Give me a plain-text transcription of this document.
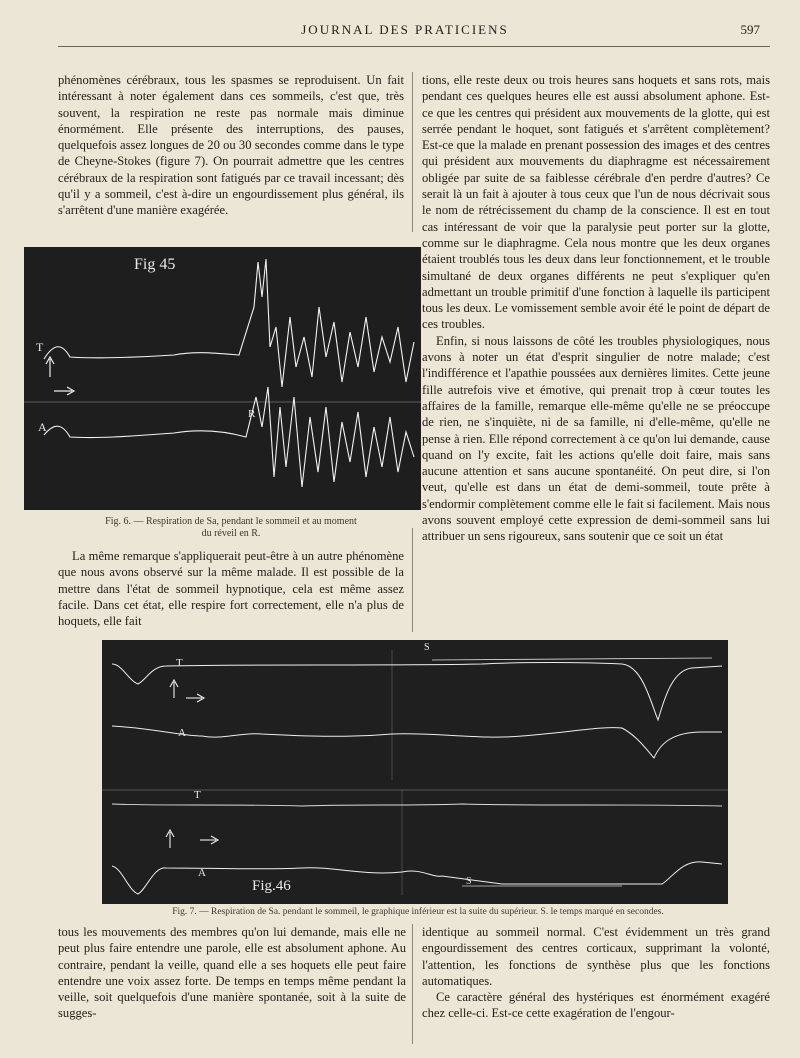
JOURNAL DES PRATICIENS	597

phénomènes cérébraux, tous les spasmes se reproduisent. Un fait intéressant à noter également dans ces sommeils, c'est que, très souvent, la respiration ne reste pas normale mais diminue énormément. Elle présente des interruptions, des pauses, quelquefois assez longues de 20 ou 30 secondes comme dans le type de Cheyne-Stokes (figure 7). On pourrait admettre que les centres cérébraux de la respiration sont fatigués par ce travail incessant; dès qu'il y a sommeil, c'est à-dire un engourdissement plus général, ils s'arrêtent d'une manière exagérée.

Fig 45
T
A
R
Fig. 6. — Respiration de Sa, pendant le sommeil et au moment
du réveil en R.

La même remarque s'appliquerait peut-être à un autre phénomène que nous avons observé sur la même malade. Il est possible de la mettre dans l'état de sommeil hypnotique, cela est même assez facile. Dans cet état, elle respire fort correctement, elle n'a plus de hoquets, elle fait

tions, elle reste deux ou trois heures sans hoquets et sans rots, mais pendant ces quelques heures elle est aussi absolument aphone. Est-ce que les centres qui président aux mouvements de la glotte, qui est serrée pendant le hoquet, sont fatigués et s'arrêtent complètement? Est-ce que la malade en prenant possession des images et des centres qui président aux mouvements du diaphragme est nécessairement obligée par suite de sa faiblesse cérébrale d'en perdre d'autres? Ce serait là un fait à ajouter à tous ceux que l'un de nous décrivait sous le nom de rétrécissement du champ de la conscience. Il est en tout cas intéressant de voir que la paralysie peut porter sur la glotte, comme sur le diaphragme. Cela nous montre que les deux organes étaient troublés tous les deux dans leur fonctionnement, et le trouble simultané de deux organes différents ne peut s'expliquer qu'en admettant un trouble primitif d'une fonction à laquelle ils participent tous les deux. Le vomissement semble avoir été le point de départ de ces troubles.

Enfin, si nous laissons de côté les troubles physiologiques, nous avons à noter un état d'esprit singulier de notre malade; c'est l'indifférence et l'apathie poussées aux dernières limites. Cette jeune fille autrefois vive et émotive, qui prenait trop à cœur toutes les affaires de la famille, remarque elle-même qu'elle ne se préoccupe de rien, ne s'inquiète, ni de sa famille, ni d'elle-même, qu'elle ne pense à rien. Elle répond correctement à ce qu'on lui demande, cause quand on l'y excite, fait les actions qu'elle doit faire, mais sans aucune attention et sans aucune spontanéité. On peut dire, si l'on veut, qu'elle est dans un état de demi-sommeil, toute prête à s'endormir complètement comme elle le fait si facilement. Mais nous avons souvent employé cette expression de demi-sommeil sans lui attribuer un sens rigoureux, sans soutenir que ce soit un état

Fig.46
T
A
T
A
S
S
Fig. 7. — Respiration de Sa. pendant le sommeil, le graphique inférieur est la suite du supérieur. S. le temps marqué en secondes.

tous les mouvements des membres qu'on lui demande, mais elle ne peut plus faire entendre une parole, elle est absolument aphone. Au contraire, pendant la veille, quand elle a ses hoquets elle peut faire entendre une voix assez forte. De temps en temps même pendant la veille, soit quelquefois d'une manière spontanée, soit à la suite de sugges-

identique au sommeil normal. C'est évidemment un très grand engourdissement des centres corticaux, supprimant la volonté, l'attention, les fonctions de synthèse plus que les fonctions automatiques.

Ce caractère général des hystériques est énormément exagéré chez celle-ci. Est-ce cette exagération de l'engour-
